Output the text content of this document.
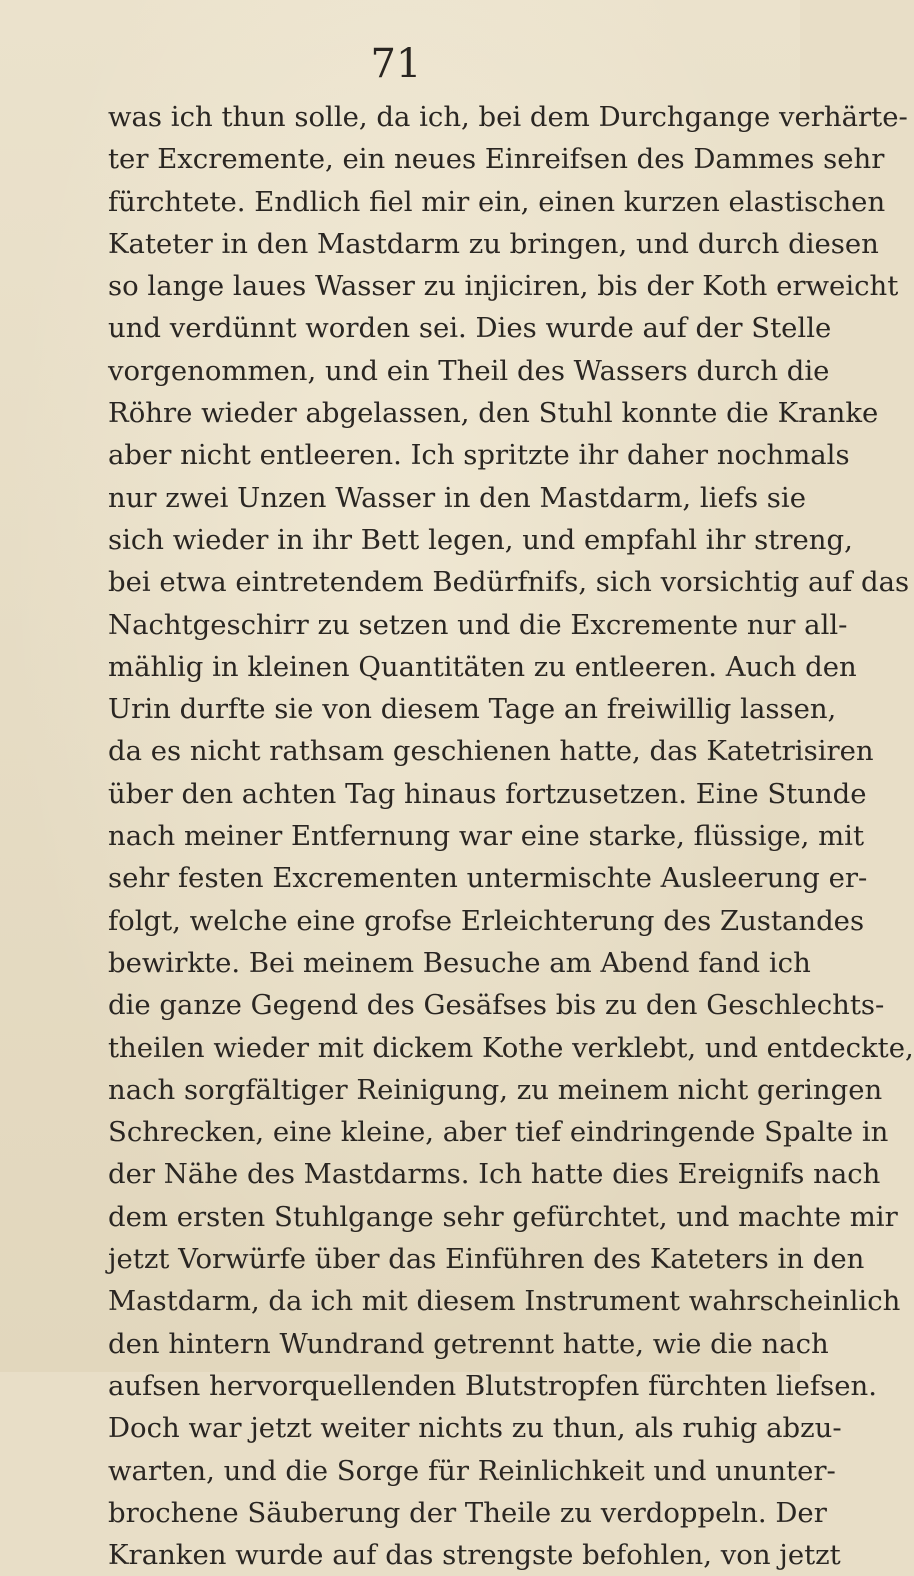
71
was ich thun solle, da ich, bei dem Durchgange verhärte-
ter Excremente, ein neues Einreifsen des Dammes sehr
fürchtete. Endlich fiel mir ein, einen kurzen elastischen
Kateter in den Mastdarm zu bringen, und durch diesen
so lange laues Wasser zu injiciren, bis der Koth erweicht
und verdünnt worden sei. Dies wurde auf der Stelle
vorgenommen, und ein Theil des Wassers durch die
Röhre wieder abgelassen, den Stuhl konnte die Kranke
aber nicht entleeren. Ich spritzte ihr daher nochmals
nur zwei Unzen Wasser in den Mastdarm, liefs sie
sich wieder in ihr Bett legen, und empfahl ihr streng,
bei etwa eintretendem Bedürfnifs, sich vorsichtig auf das
Nachtgeschirr zu setzen und die Excremente nur all-
mählig in kleinen Quantitäten zu entleeren. Auch den
Urin durfte sie von diesem Tage an freiwillig lassen,
da es nicht rathsam geschienen hatte, das Katetrisiren
über den achten Tag hinaus fortzusetzen. Eine Stunde
nach meiner Entfernung war eine starke, flüssige, mit
sehr festen Excrementen untermischte Ausleerung er-
folgt, welche eine grofse Erleichterung des Zustandes
bewirkte. Bei meinem Besuche am Abend fand ich
die ganze Gegend des Gesäfses bis zu den Geschlechts-
theilen wieder mit dickem Kothe verklebt, und entdeckte,
nach sorgfältiger Reinigung, zu meinem nicht geringen
Schrecken, eine kleine, aber tief eindringende Spalte in
der Nähe des Mastdarms. Ich hatte dies Ereignifs nach
dem ersten Stuhlgange sehr gefürchtet, und machte mir
jetzt Vorwürfe über das Einführen des Kateters in den
Mastdarm, da ich mit diesem Instrument wahrscheinlich
den hintern Wundrand getrennt hatte, wie die nach
aufsen hervorquellenden Blutstropfen fürchten liefsen.
Doch war jetzt weiter nichts zu thun, als ruhig abzu-
warten, und die Sorge für Reinlichkeit und ununter-
brochene Säuberung der Theile zu verdoppeln. Der
Kranken wurde auf das strengste befohlen, von jetzt
